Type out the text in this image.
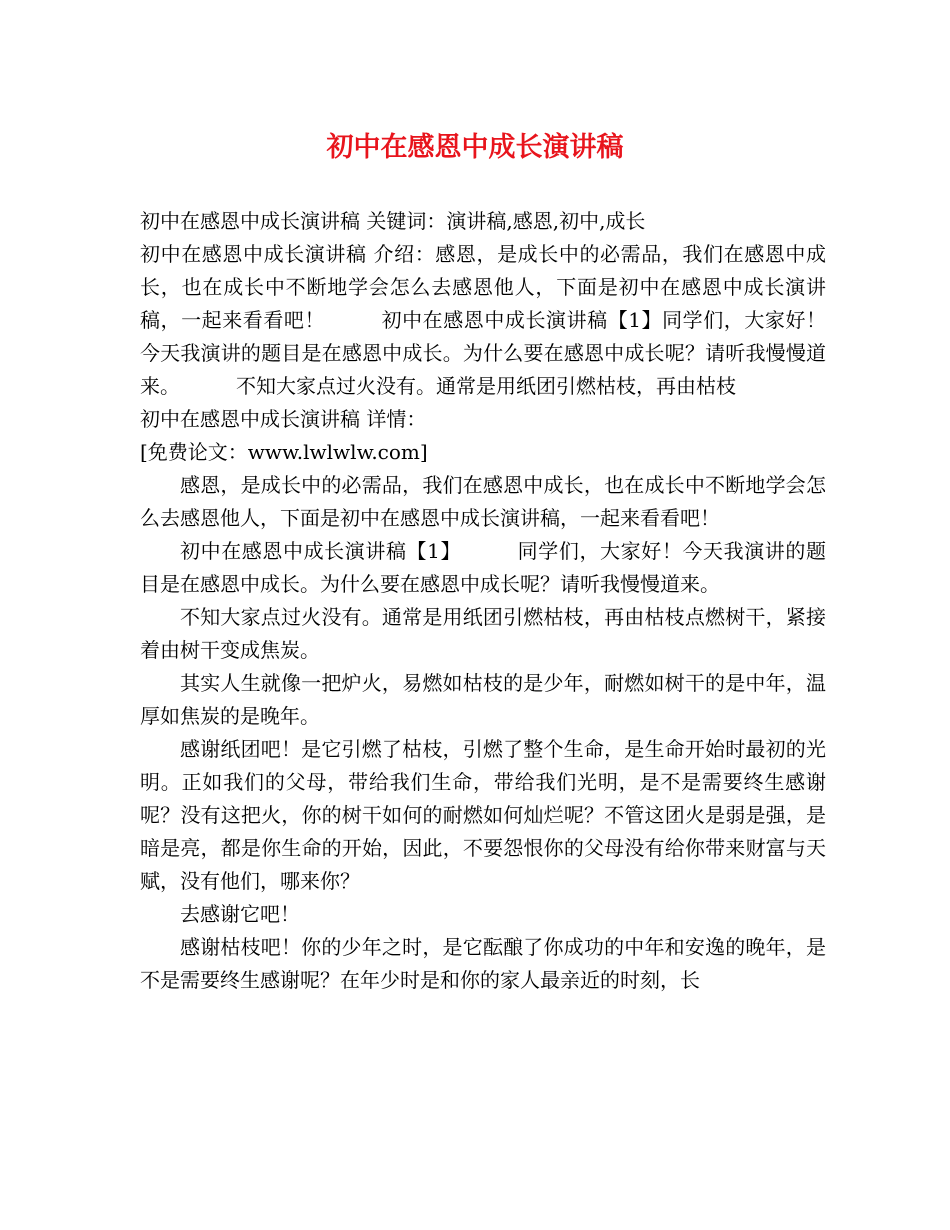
初中在感恩中成长演讲稿

初中在感恩中成长演讲稿 关键词：演讲稿,感恩,初中,成长

初中在感恩中成长演讲稿 介绍：感恩，是成长中的必需品，我们在感恩中成长，也在成长中不断地学会怎么去感恩他人，下面是初中在感恩中成长演讲稿，一起来看看吧！	初中在感恩中成长演讲稿【1】同学们，大家好！今天我演讲的题目是在感恩中成长。为什么要在感恩中成长呢？请听我慢慢道来。	不知大家点过火没有。通常是用纸团引燃枯枝，再由枯枝

初中在感恩中成长演讲稿 详情：

[免费论文：www.lwlwlw.com]

感恩，是成长中的必需品，我们在感恩中成长，也在成长中不断地学会怎么去感恩他人，下面是初中在感恩中成长演讲稿，一起来看看吧！

初中在感恩中成长演讲稿【1】	同学们，大家好！今天我演讲的题目是在感恩中成长。为什么要在感恩中成长呢？请听我慢慢道来。

不知大家点过火没有。通常是用纸团引燃枯枝，再由枯枝点燃树干，紧接着由树干变成焦炭。

其实人生就像一把炉火，易燃如枯枝的是少年，耐燃如树干的是中年，温厚如焦炭的是晚年。

感谢纸团吧！是它引燃了枯枝，引燃了整个生命，是生命开始时最初的光明。正如我们的父母，带给我们生命，带给我们光明，是不是需要终生感谢呢？没有这把火，你的树干如何的耐燃如何灿烂呢？不管这团火是弱是强，是暗是亮，都是你生命的开始，因此，不要怨恨你的父母没有给你带来财富与天赋，没有他们，哪来你？

去感谢它吧！

感谢枯枝吧！你的少年之时，是它酝酿了你成功的中年和安逸的晚年，是不是需要终生感谢呢？在年少时是和你的家人最亲近的时刻，长
